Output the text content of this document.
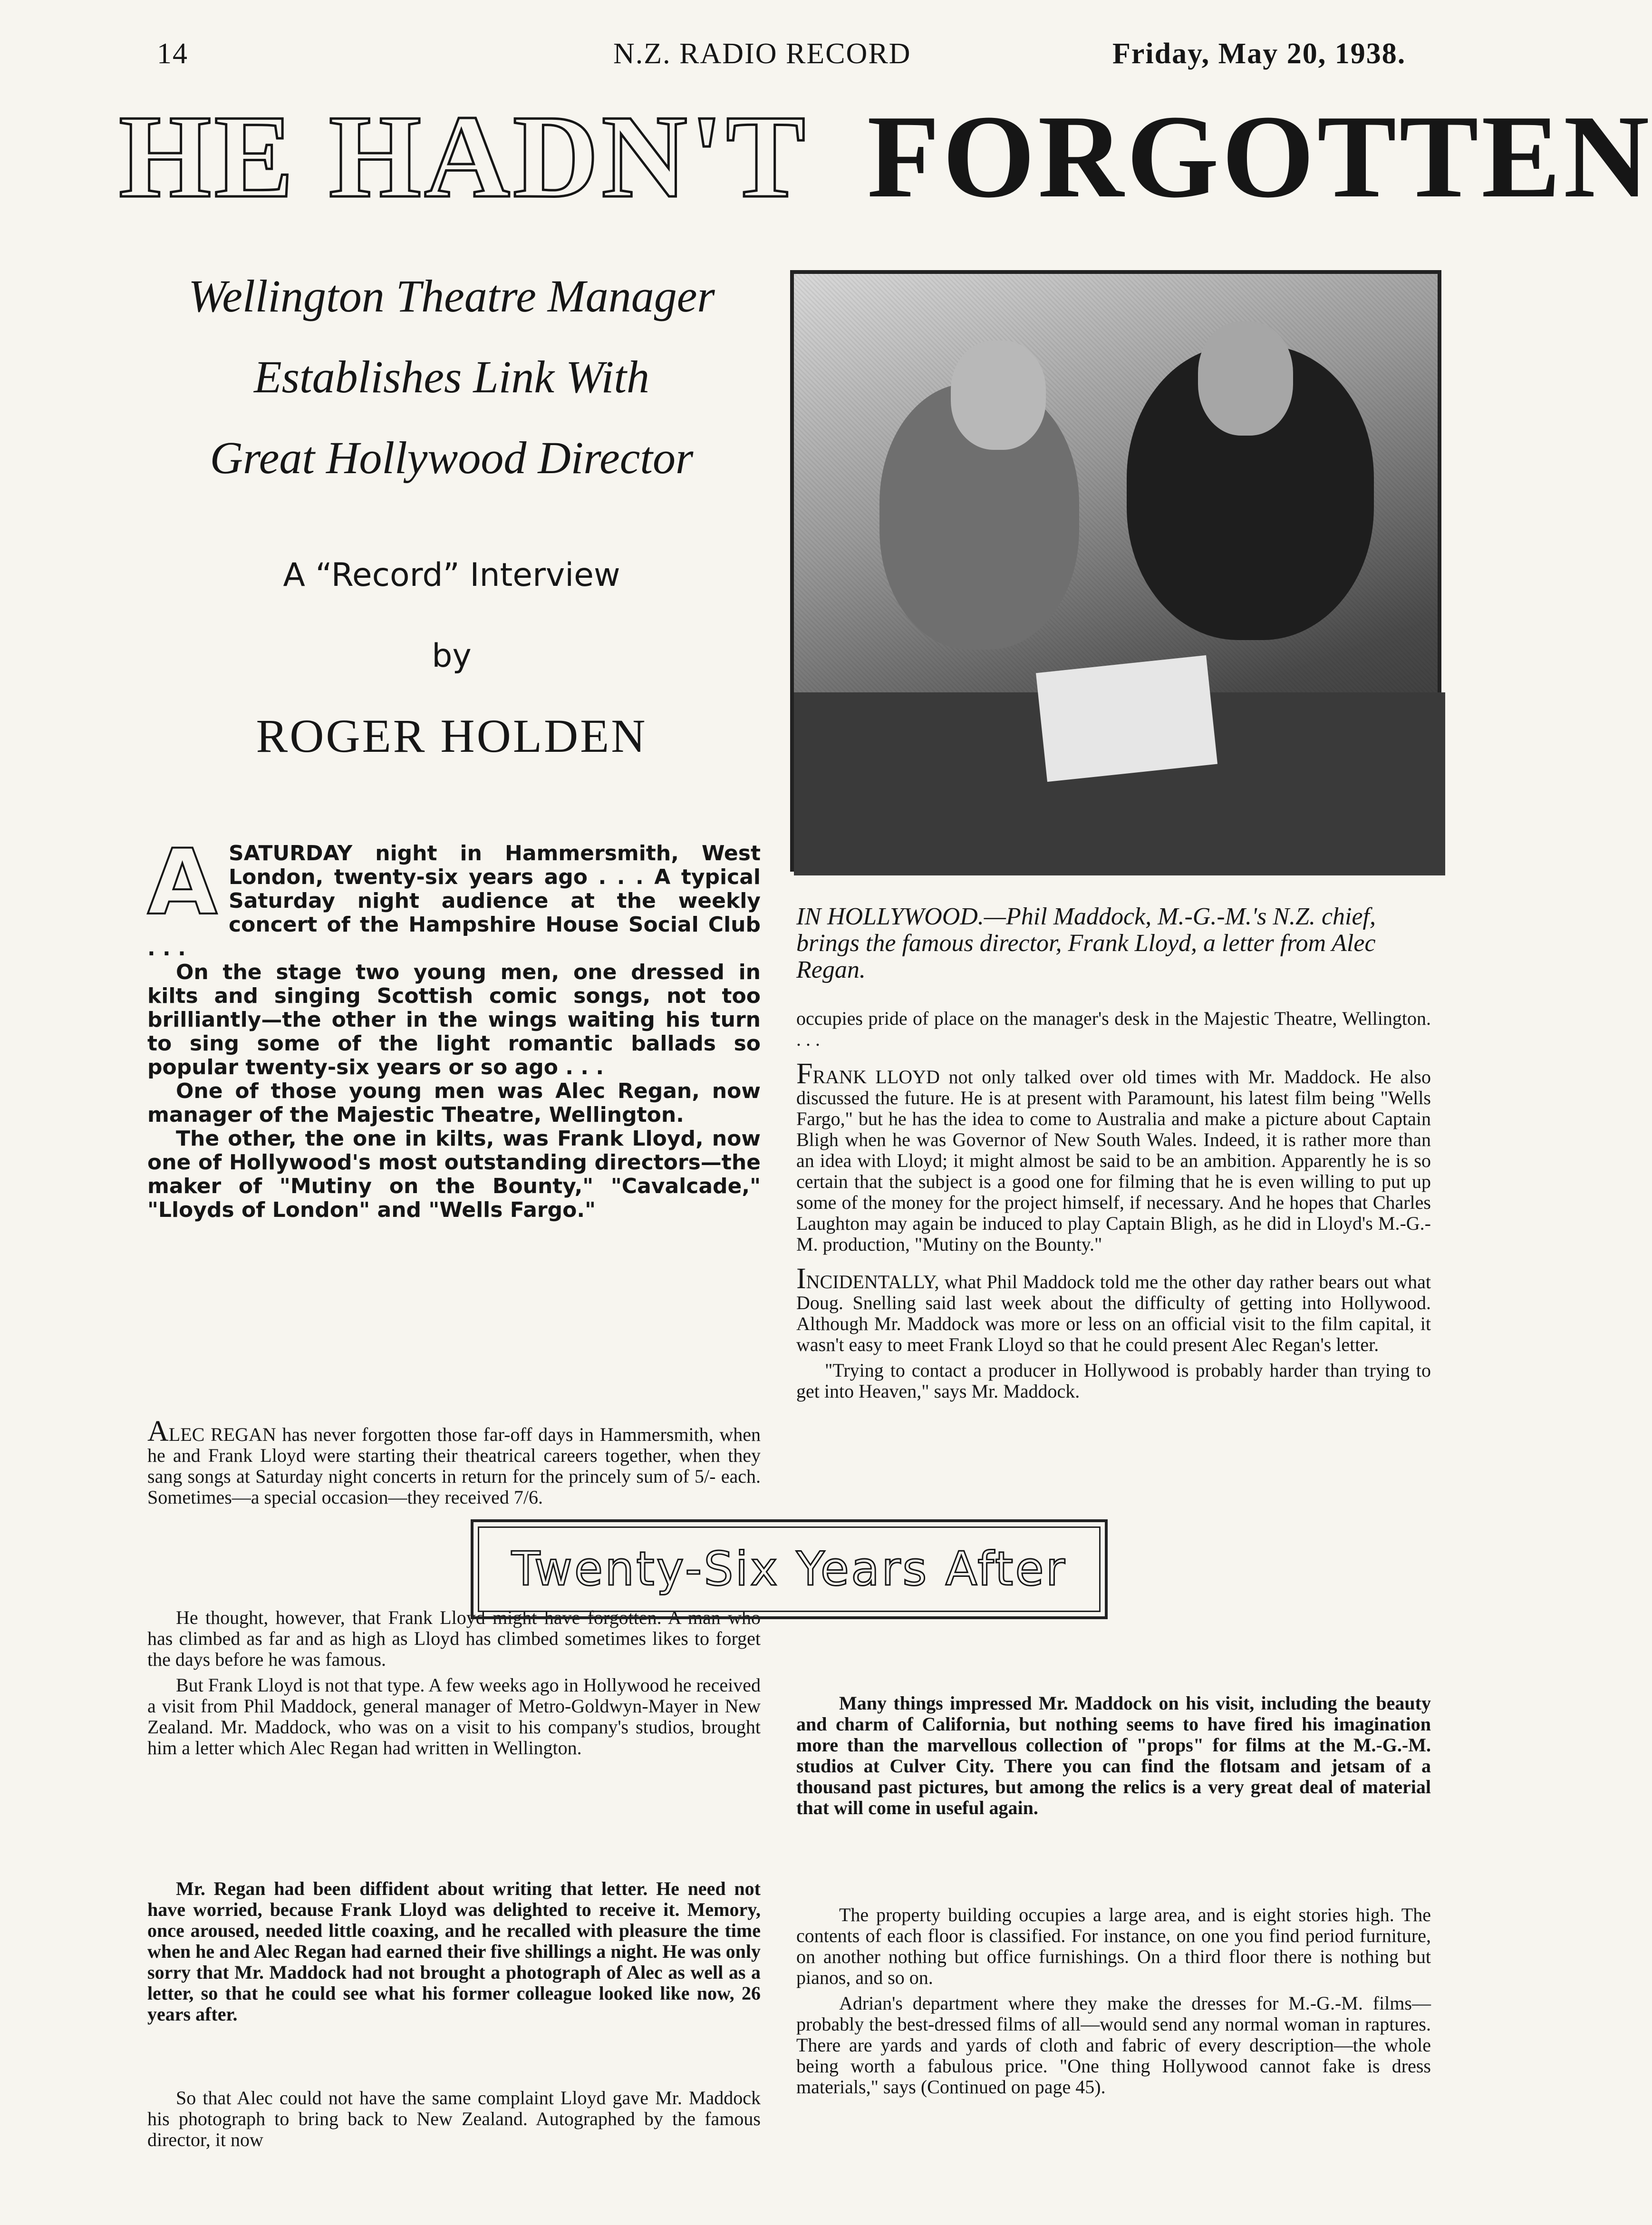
14	N.Z. RADIO RECORD	Friday, May 20, 1938.
HE HADN'T FORGOTTEN
Wellington Theatre Manager
Establishes Link With
Great Hollywood Director
A “Record” Interview
by
ROGER HOLDEN
IN HOLLYWOOD.—Phil Maddock, M.-G.-M.'s N.Z. chief, brings the famous director, Frank Lloyd, a letter from Alec Regan.
A SATURDAY night in Hammersmith, West London, twenty-six years ago . . . A typical Saturday night audience at the weekly concert of the Hampshire House Social Club . . .

On the stage two young men, one dressed in kilts and singing Scottish comic songs, not too brilliantly—the other in the wings waiting his turn to sing some of the light romantic ballads so popular twenty-six years or so ago . . .

One of those young men was Alec Regan, now manager of the Majestic Theatre, Wellington.

The other, the one in kilts, was Frank Lloyd, now one of Hollywood's most outstanding directors—the maker of "Mutiny on the Bounty," "Cavalcade," "Lloyds of London" and "Wells Fargo."

ALEC REGAN has never forgotten those far-off days in Hammersmith, when he and Frank Lloyd were starting their theatrical careers together, when they sang songs at Saturday night concerts in return for the princely sum of 5/- each. Sometimes—a special occasion—they received 7/6.

He thought, however, that Frank Lloyd might have forgotten. A man who has climbed as far and as high as Lloyd has climbed sometimes likes to forget the days before he was famous.

But Frank Lloyd is not that type. A few weeks ago in Hollywood he received a visit from Phil Maddock, general manager of Metro-Goldwyn-Mayer in New Zealand. Mr. Maddock, who was on a visit to his company's studios, brought him a letter which Alec Regan had written in Wellington.

Mr. Regan had been diffident about writing that letter. He need not have worried, because Frank Lloyd was delighted to receive it. Memory, once aroused, needed little coaxing, and he recalled with pleasure the time when he and Alec Regan had earned their five shillings a night. He was only sorry that Mr. Maddock had not brought a photograph of Alec as well as a letter, so that he could see what his former colleague looked like now, 26 years after.

So that Alec could not have the same complaint Lloyd gave Mr. Maddock his photograph to bring back to New Zealand. Autographed by the famous director, it now

Twenty-Six Years After

occupies pride of place on the manager's desk in the Majestic Theatre, Wellington. . . .

FRANK LLOYD not only talked over old times with Mr. Maddock. He also discussed the future. He is at present with Paramount, his latest film being "Wells Fargo," but he has the idea to come to Australia and make a picture about Captain Bligh when he was Governor of New South Wales. Indeed, it is rather more than an idea with Lloyd; it might almost be said to be an ambition. Apparently he is so certain that the subject is a good one for filming that he is even willing to put up some of the money for the project himself, if necessary. And he hopes that Charles Laughton may again be induced to play Captain Bligh, as he did in Lloyd's M.-G.-M. production, "Mutiny on the Bounty."

INCIDENTALLY, what Phil Maddock told me the other day rather bears out what Doug. Snelling said last week about the difficulty of getting into Hollywood. Although Mr. Maddock was more or less on an official visit to the film capital, it wasn't easy to meet Frank Lloyd so that he could present Alec Regan's letter.

"Trying to contact a producer in Hollywood is probably harder than trying to get into Heaven," says Mr. Maddock.

Many things impressed Mr. Maddock on his visit, including the beauty and charm of California, but nothing seems to have fired his imagination more than the marvellous collection of "props" for films at the M.-G.-M. studios at Culver City. There you can find the flotsam and jetsam of a thousand past pictures, but among the relics is a very great deal of material that will come in useful again.

The property building occupies a large area, and is eight stories high. The contents of each floor is classified. For instance, on one you find period furniture, on another nothing but office furnishings. On a third floor there is nothing but pianos, and so on.

Adrian's department where they make the dresses for M.-G.-M. films—probably the best-dressed films of all—would send any normal woman in raptures. There are yards and yards of cloth and fabric of every description—the whole being worth a fabulous price. "One thing Hollywood cannot fake is dress materials," says (Continued on page 45).
